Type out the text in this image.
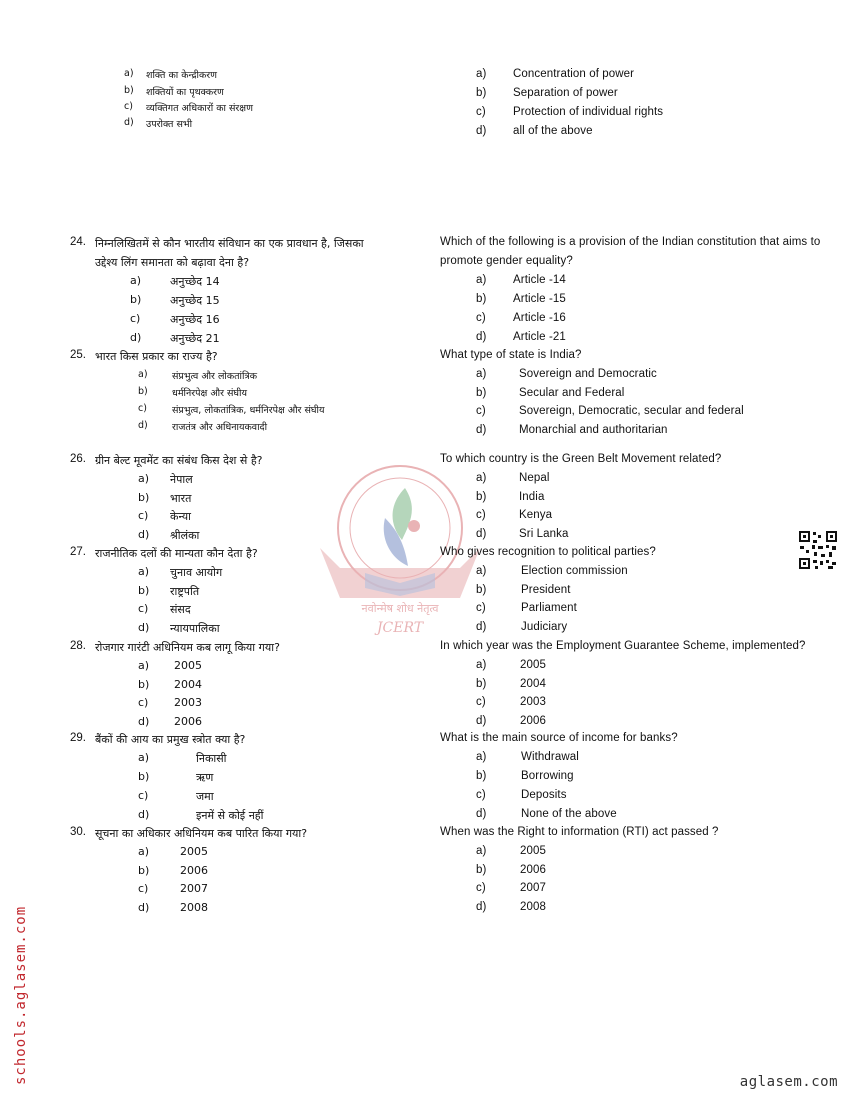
a) शक्ति का केन्द्रीकरण
b) शक्तियों का पृथक्करण
c) व्यक्तिगत अधिकारों का संरक्षण
d) उपरोक्त सभी
a) Concentration of power
b) Separation of power
c) Protection of individual rights
d) all of the above
नवोन्मेष शोध नेतृत्व
JCERT
24. निम्नलिखितमें से कौन भारतीय संविधान का एक प्रावधान है, जिसका	Which of the following is a provision of the Indian constitution that aims to
उद्देश्य लिंग समानता को बढ़ावा देना है?	promote gender equality?
a)	अनुच्छेद 14
b)	अनुच्छेद 15
c)	अनुच्छेद 16
d)	अनुच्छेद 21
a) Article -14
b) Article -15
c) Article -16
d) Article -21
25. भारत किस प्रकार का राज्य है?	What type of state is India?
a)	संप्रभुत्व और लोकतांत्रिक
b)	धर्मनिरपेक्ष और संघीय
c)	संप्रभुत्व, लोकतांत्रिक, धर्मनिरपेक्ष और संघीय
d)	राजतंत्र और अधिनायकवादी
a)	Sovereign and Democratic
b)	Secular and Federal
c)	Sovereign, Democratic, secular and federal
d)	Monarchial and authoritarian
26. ग्रीन बेल्ट मूवमेंट का संबंध किस देश से है?	To which country is the Green Belt Movement related?
a) नेपाल
b) भारत
c) केन्या
d) श्रीलंका
a)	Nepal
b)	India
c)	Kenya
d)	Sri Lanka
27. राजनीतिक दलों की मान्यता कौन देता है?	Who gives recognition to political parties?
a) चुनाव आयोग
b) राष्ट्रपति
c) संसद
d) न्यायपालिका
a)	Election commission
b)	President
c)	Parliament
d)	Judiciary
28. रोजगार गारंटी अधिनियम कब लागू किया गया?	In which year was the Employment Guarantee Scheme, implemented?
a) 2005
b) 2004
c) 2003
d) 2006
a)	2005
b)	2004
c)	2003
d)	2006
29. बैंकों की आय का प्रमुख स्त्रोत क्या है?	What is the main source of income for banks?
a)	निकासी
b)	ऋण
c)	जमा
d)	इनमें से कोई नहीं
a)	Withdrawal
b)	Borrowing
c)	Deposits
d)	None of the above
30. सूचना का अधिकार अधिनियम कब पारित किया गया?	When was the Right to information (RTI) act passed ?
a)	2005
b)	2006
c)	2007
d)	2008
a)	2005
b)	2006
c)	2007
d)	2008
schools.aglasem.com	aglasem.com
